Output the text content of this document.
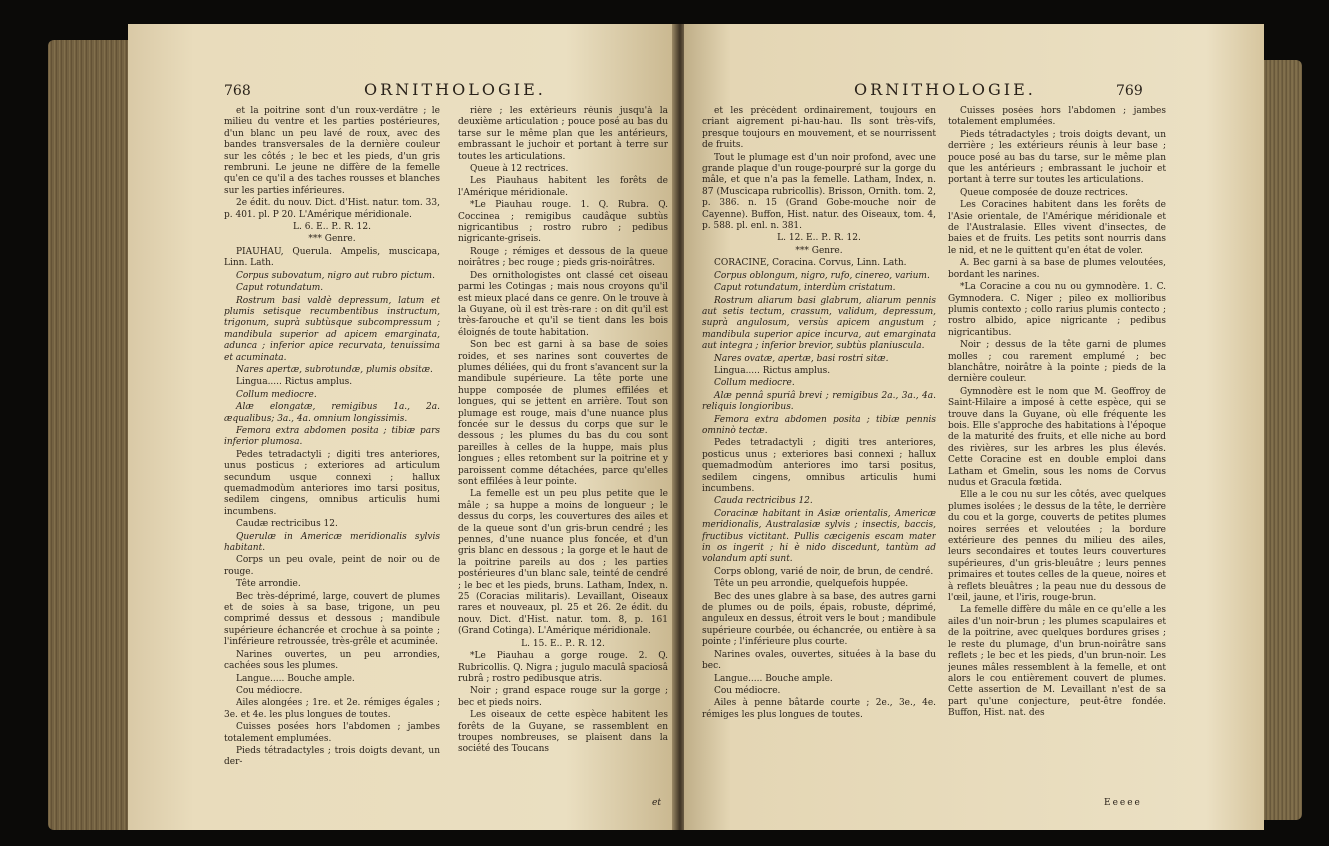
768	ORNITHOLOGIE.

et la poitrine sont d'un roux-verdâtre ; le milieu du ventre et les parties postérieures, d'un blanc un peu lavé de roux, avec des bandes transversales de la dernière couleur sur les côtés ; le bec et les pieds, d'un gris rembruni. Le jeune ne diffère de la femelle qu'en ce qu'il a des taches rousses et blanches sur les parties inférieures.

2e édit. du nouv. Dict. d'Hist. natur. tom. 33, p. 401. pl. P 20. L'Amérique méridionale.

L. 6. E.. P.. R. 12.

*** Genre.

PIAUHAU, Querula. Ampelis, muscicapa, Linn. Lath.

Corpus subovatum, nigro aut rubro pictum.

Caput rotundatum.

Rostrum basi valdè depressum, latum et plumis setisque recumbentibus instructum, trigonum, suprà subtùsque subcompressum ; mandibula superior ad apicem emarginata, adunca ; inferior apice recurvata, tenuissima et acuminata.

Nares apertæ, subrotundæ, plumis obsitæ.

Lingua..... Rictus amplus.

Collum mediocre.

Alæ elongatæ, remigibus 1a., 2a. æqualibus; 3a., 4a. omnium longissimis.

Femora extra abdomen posita ; tibiæ pars inferior plumosa.

Pedes tetradactyli ; digiti tres anteriores, unus posticus ; exteriores ad articulum secundum usque connexi ; hallux quemadmodùm anteriores imo tarsi positus, sedilem cingens, omnibus articulis humi incumbens.

Caudæ rectricibus 12.

Querulæ in Americæ meridionalis sylvis habitant.

Corps un peu ovale, peint de noir ou de rouge.

Tête arrondie.

Bec très-déprimé, large, couvert de plumes et de soies à sa base, trigone, un peu comprimé dessus et dessous ; mandibule supérieure échancrée et crochue à sa pointe ; l'inférieure retroussée, très-grêle et acuminée.

Narines ouvertes, un peu arrondies, cachées sous les plumes.

Langue..... Bouche ample.

Cou médiocre.

Ailes alongées ; 1re. et 2e. rémiges égales ; 3e. et 4e. les plus longues de toutes.

Cuisses posées hors l'abdomen ; jambes totalement emplumées.

Pieds tétradactyles ; trois doigts devant, un der-

rière ; les extérieurs réunis jusqu'à la deuxième articulation ; pouce posé au bas du tarse sur le même plan que les antérieurs, embrassant le juchoir et portant à terre sur toutes les articulations.

Queue à 12 rectrices.

Les Piauhaus habitent les forêts de l'Amérique méridionale.

*Le Piauhau rouge. 1. Q. Rubra. Q. Coccinea ; remigibus caudâque subtùs nigricantibus ; rostro rubro ; pedibus nigricante-griseis.

Rouge ; rémiges et dessous de la queue noirâtres ; bec rouge ; pieds gris-noirâtres.

Des ornithologistes ont classé cet oiseau parmi les Cotingas ; mais nous croyons qu'il est mieux placé dans ce genre. On le trouve à la Guyane, où il est très-rare : on dit qu'il est très-farouche et qu'il se tient dans les bois éloignés de toute habitation.

Son bec est garni à sa base de soies roides, et ses narines sont couvertes de plumes déliées, qui du front s'avancent sur la mandibule supérieure. La tête porte une huppe composée de plumes effilées et longues, qui se jettent en arrière. Tout son plumage est rouge, mais d'une nuance plus foncée sur le dessus du corps que sur le dessous ; les plumes du bas du cou sont pareilles à celles de la huppe, mais plus longues ; elles retombent sur la poitrine et y paroissent comme détachées, parce qu'elles sont effilées à leur pointe.

La femelle est un peu plus petite que le mâle ; sa huppe a moins de longueur ; le dessus du corps, les couvertures des ailes et de la queue sont d'un gris-brun cendré ; les pennes, d'une nuance plus foncée, et d'un gris blanc en dessous ; la gorge et le haut de la poitrine pareils au dos ; les parties postérieures d'un blanc sale, teinté de cendré ; le bec et les pieds, bruns. Latham, Index, n. 25 (Coracias militaris). Levaillant, Oiseaux rares et nouveaux, pl. 25 et 26. 2e édit. du nouv. Dict. d'Hist. natur. tom. 8, p. 161 (Grand Cotinga). L'Amérique méridionale.

L. 15. E.. P.. R. 12.

*Le Piauhau a gorge rouge. 2. Q. Rubricollis. Q. Nigra ; jugulo maculâ spaciosâ rubrâ ; rostro pedibusque atris.

Noir ; grand espace rouge sur la gorge ; bec et pieds noirs.

Les oiseaux de cette espèce habitent les forêts de la Guyane, se rassemblent en troupes nombreuses, se plaisent dans la société des Toucans

et
ORNITHOLOGIE.	769

et les précèdent ordinairement, toujours en criant aigrement pi-hau-hau. Ils sont très-vifs, presque toujours en mouvement, et se nourrissent de fruits.

Tout le plumage est d'un noir profond, avec une grande plaque d'un rouge-pourpré sur la gorge du mâle, et que n'a pas la femelle. Latham, Index, n. 87 (Muscicapa rubricollis). Brisson, Ornith. tom. 2, p. 386. n. 15 (Grand Gobe-mouche noir de Cayenne). Buffon, Hist. natur. des Oiseaux, tom. 4, p. 588. pl. enl. n. 381.

L. 12. E.. P.. R. 12.

*** Genre.

CORACINE, Coracina. Corvus, Linn. Lath.

Corpus oblongum, nigro, rufo, cinereo, varium.

Caput rotundatum, interdùm cristatum.

Rostrum aliarum basi glabrum, aliarum pennis aut setis tectum, crassum, validum, depressum, suprà angulosum, versùs apicem angustum ; mandibula superior apice incurva, aut emarginata aut integra ; inferior brevior, subtùs planiuscula.

Nares ovatæ, apertæ, basi rostri sitæ.

Lingua..... Rictus amplus.

Collum mediocre.

Alæ pennâ spuriâ brevi ; remigibus 2a., 3a., 4a. reliquis longioribus.

Femora extra abdomen posita ; tibiæ pennis omninò tectæ.

Pedes tetradactyli ; digiti tres anteriores, posticus unus ; exteriores basi connexi ; hallux quemadmodùm anteriores imo tarsi positus, sedilem cingens, omnibus articulis humi incumbens.

Cauda rectricibus 12.

Coracinæ habitant in Asiæ orientalis, Americæ meridionalis, Australasiæ sylvis ; insectis, baccis, fructibus victitant. Pullis cæcigenis escam mater in os ingerit ; hi è nido discedunt, tantùm ad volandum apti sunt.

Corps oblong, varié de noir, de brun, de cendré.

Tête un peu arrondie, quelquefois huppée.

Bec des unes glabre à sa base, des autres garni de plumes ou de poils, épais, robuste, déprimé, anguleux en dessus, étroit vers le bout ; mandibule supérieure courbée, ou échancrée, ou entière à sa pointe ; l'inférieure plus courte.

Narines ovales, ouvertes, situées à la base du bec.

Langue..... Bouche ample.

Cou médiocre.

Ailes à penne bâtarde courte ; 2e., 3e., 4e. rémiges les plus longues de toutes.

Cuisses posées hors l'abdomen ; jambes totalement emplumées.

Pieds tétradactyles ; trois doigts devant, un derrière ; les extérieurs réunis à leur base ; pouce posé au bas du tarse, sur le même plan que les antérieurs ; embrassant le juchoir et portant à terre sur toutes les articulations.

Queue composée de douze rectrices.

Les Coracines habitent dans les forêts de l'Asie orientale, de l'Amérique méridionale et de l'Australasie. Elles vivent d'insectes, de baies et de fruits. Les petits sont nourris dans le nid, et ne le quittent qu'en état de voler.

A. Bec garni à sa base de plumes veloutées, bordant les narines.

*La Coracine a cou nu ou gymnodère. 1. C. Gymnodera. C. Niger ; pileo ex mollioribus plumis contexto ; collo rarius plumis contecto ; rostro albido, apice nigricante ; pedibus nigricantibus.

Noir ; dessus de la tête garni de plumes molles ; cou rarement emplumé ; bec blanchâtre, noirâtre à la pointe ; pieds de la dernière couleur.

Gymnodère est le nom que M. Geoffroy de Saint-Hilaire a imposé à cette espèce, qui se trouve dans la Guyane, où elle fréquente les bois. Elle s'approche des habitations à l'époque de la maturité des fruits, et elle niche au bord des rivières, sur les arbres les plus élevés. Cette Coracine est en double emploi dans Latham et Gmelin, sous les noms de Corvus nudus et Gracula fœtida.

Elle a le cou nu sur les côtés, avec quelques plumes isolées ; le dessus de la tête, le derrière du cou et la gorge, couverts de petites plumes noires serrées et veloutées ; la bordure extérieure des pennes du milieu des ailes, leurs secondaires et toutes leurs couvertures supérieures, d'un gris-bleuâtre ; leurs pennes primaires et toutes celles de la queue, noires et à reflets bleuâtres ; la peau nue du dessous de l'œil, jaune, et l'iris, rouge-brun.

La femelle diffère du mâle en ce qu'elle a les ailes d'un noir-brun ; les plumes scapulaires et de la poitrine, avec quelques bordures grises ; le reste du plumage, d'un brun-noirâtre sans reflets ; le bec et les pieds, d'un brun-noir. Les jeunes mâles ressemblent à la femelle, et ont alors le cou entièrement couvert de plumes. Cette assertion de M. Levaillant n'est de sa part qu'une conjecture, peut-être fondée. Buffon, Hist. nat. des

Eeeee
